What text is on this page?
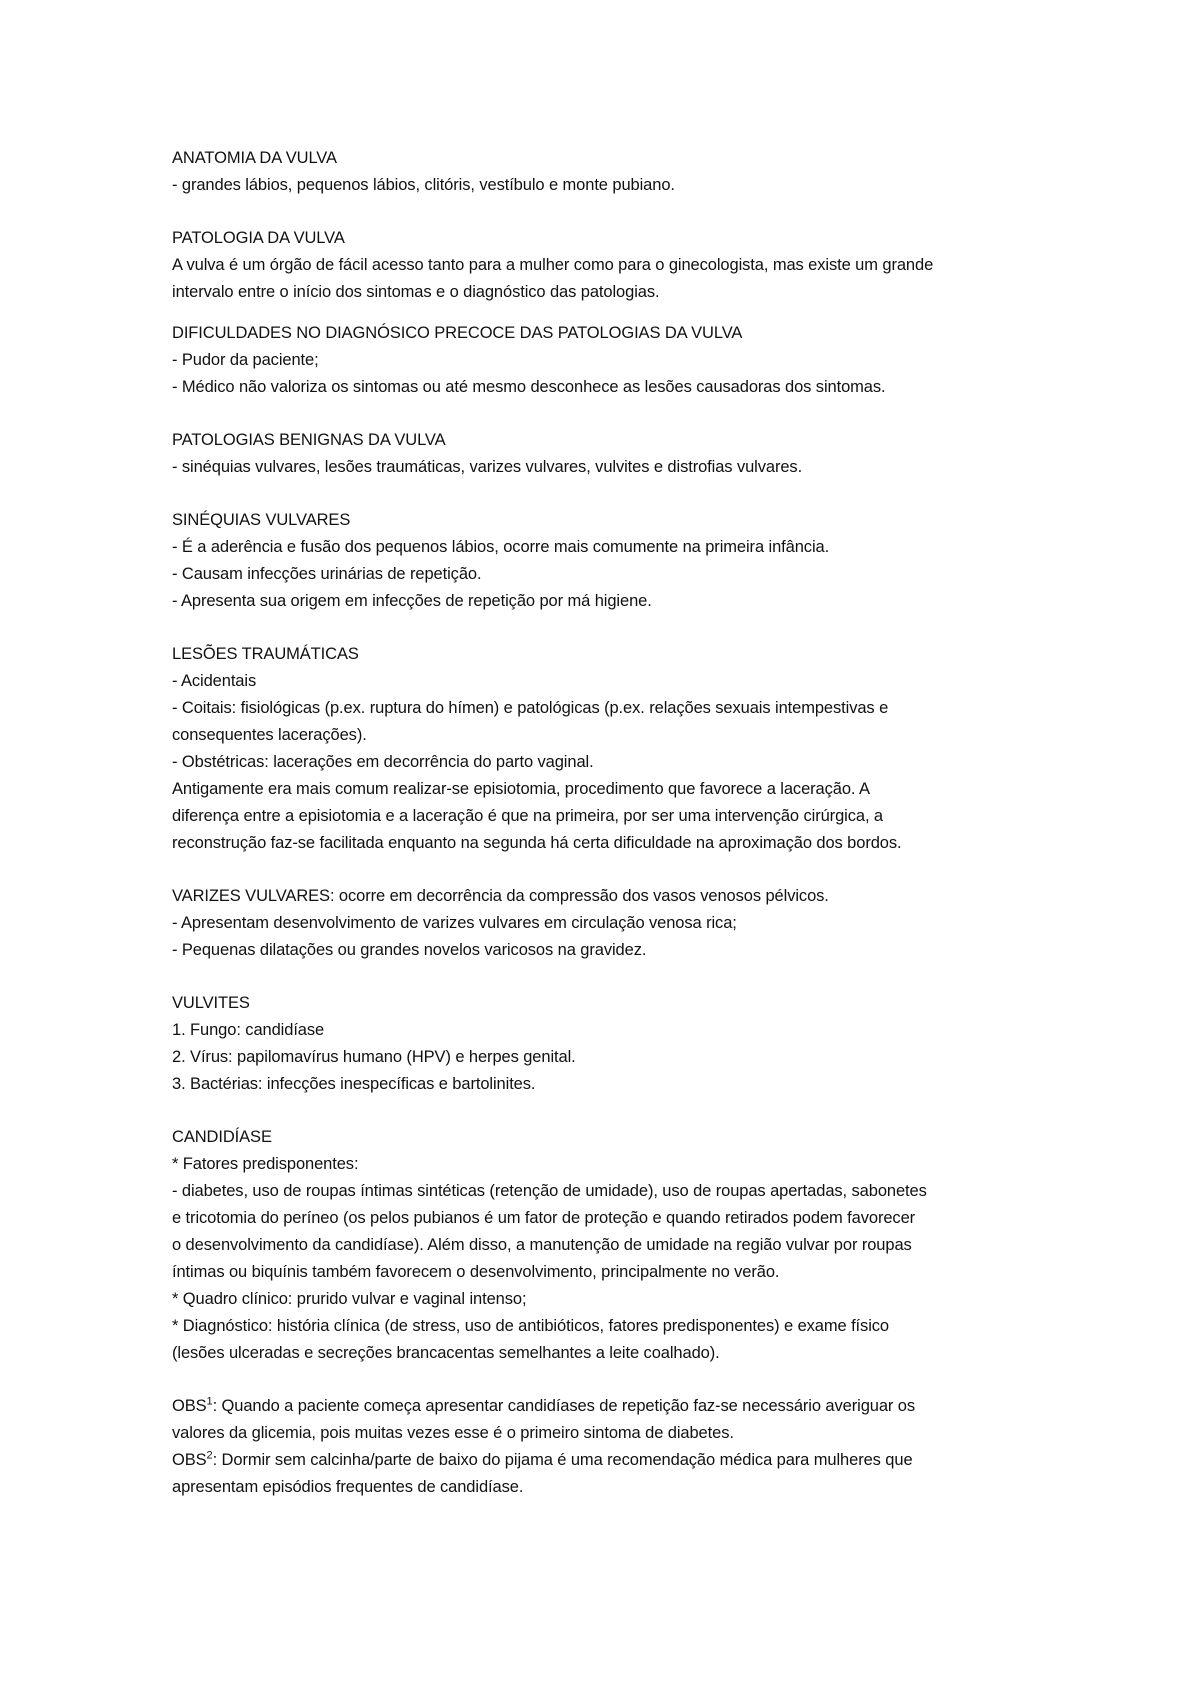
ANATOMIA DA VULVA

- grandes lábios, pequenos lábios, clitóris, vestíbulo e monte pubiano.

PATOLOGIA DA VULVA

A vulva é um órgão de fácil acesso tanto para a mulher como para o ginecologista, mas existe um grande

intervalo entre o início dos sintomas e o diagnóstico das patologias.

DIFICULDADES NO DIAGNÓSICO PRECOCE DAS PATOLOGIAS DA VULVA

- Pudor da paciente;

- Médico não valoriza os sintomas ou até mesmo desconhece as lesões causadoras dos sintomas.

PATOLOGIAS BENIGNAS DA VULVA

- sinéquias vulvares, lesões traumáticas, varizes vulvares, vulvites e distrofias vulvares.

SINÉQUIAS VULVARES

- É a aderência e fusão dos pequenos lábios, ocorre mais comumente na primeira infância.

- Causam infecções urinárias de repetição.

- Apresenta sua origem em infecções de repetição por má higiene.

LESÕES TRAUMÁTICAS

- Acidentais

- Coitais: fisiológicas (p.ex. ruptura do hímen) e patológicas (p.ex. relações sexuais intempestivas e

consequentes lacerações).

- Obstétricas: lacerações em decorrência do parto vaginal.

Antigamente era mais comum realizar-se episiotomia, procedimento que favorece a laceração. A

diferença entre a episiotomia e a laceração é que na primeira, por ser uma intervenção cirúrgica, a

reconstrução faz-se facilitada enquanto na segunda há certa dificuldade na aproximação dos bordos.

VARIZES VULVARES: ocorre em decorrência da compressão dos vasos venosos pélvicos.

- Apresentam desenvolvimento de varizes vulvares em circulação venosa rica;

- Pequenas dilatações ou grandes novelos varicosos na gravidez.

VULVITES

1. Fungo: candidíase

2. Vírus: papilomavírus humano (HPV) e herpes genital.

3. Bactérias: infecções inespecíficas e bartolinites.

CANDIDÍASE

* Fatores predisponentes:

- diabetes, uso de roupas íntimas sintéticas (retenção de umidade), uso de roupas apertadas, sabonetes

e tricotomia do períneo (os pelos pubianos é um fator de proteção e quando retirados podem favorecer

o desenvolvimento da candidíase). Além disso, a manutenção de umidade na região vulvar por roupas

íntimas ou biquínis também favorecem o desenvolvimento, principalmente no verão.

* Quadro clínico: prurido vulvar e vaginal intenso;

* Diagnóstico: história clínica (de stress, uso de antibióticos, fatores predisponentes) e exame físico

(lesões ulceradas e secreções brancacentas semelhantes a leite coalhado).

OBS$^1$: Quando a paciente começa apresentar candidíases de repetição faz-se necessário averiguar os

valores da glicemia, pois muitas vezes esse é o primeiro sintoma de diabetes.

OBS$^2$: Dormir sem calcinha/parte de baixo do pijama é uma recomendação médica para mulheres que

apresentam episódios frequentes de candidíase.
